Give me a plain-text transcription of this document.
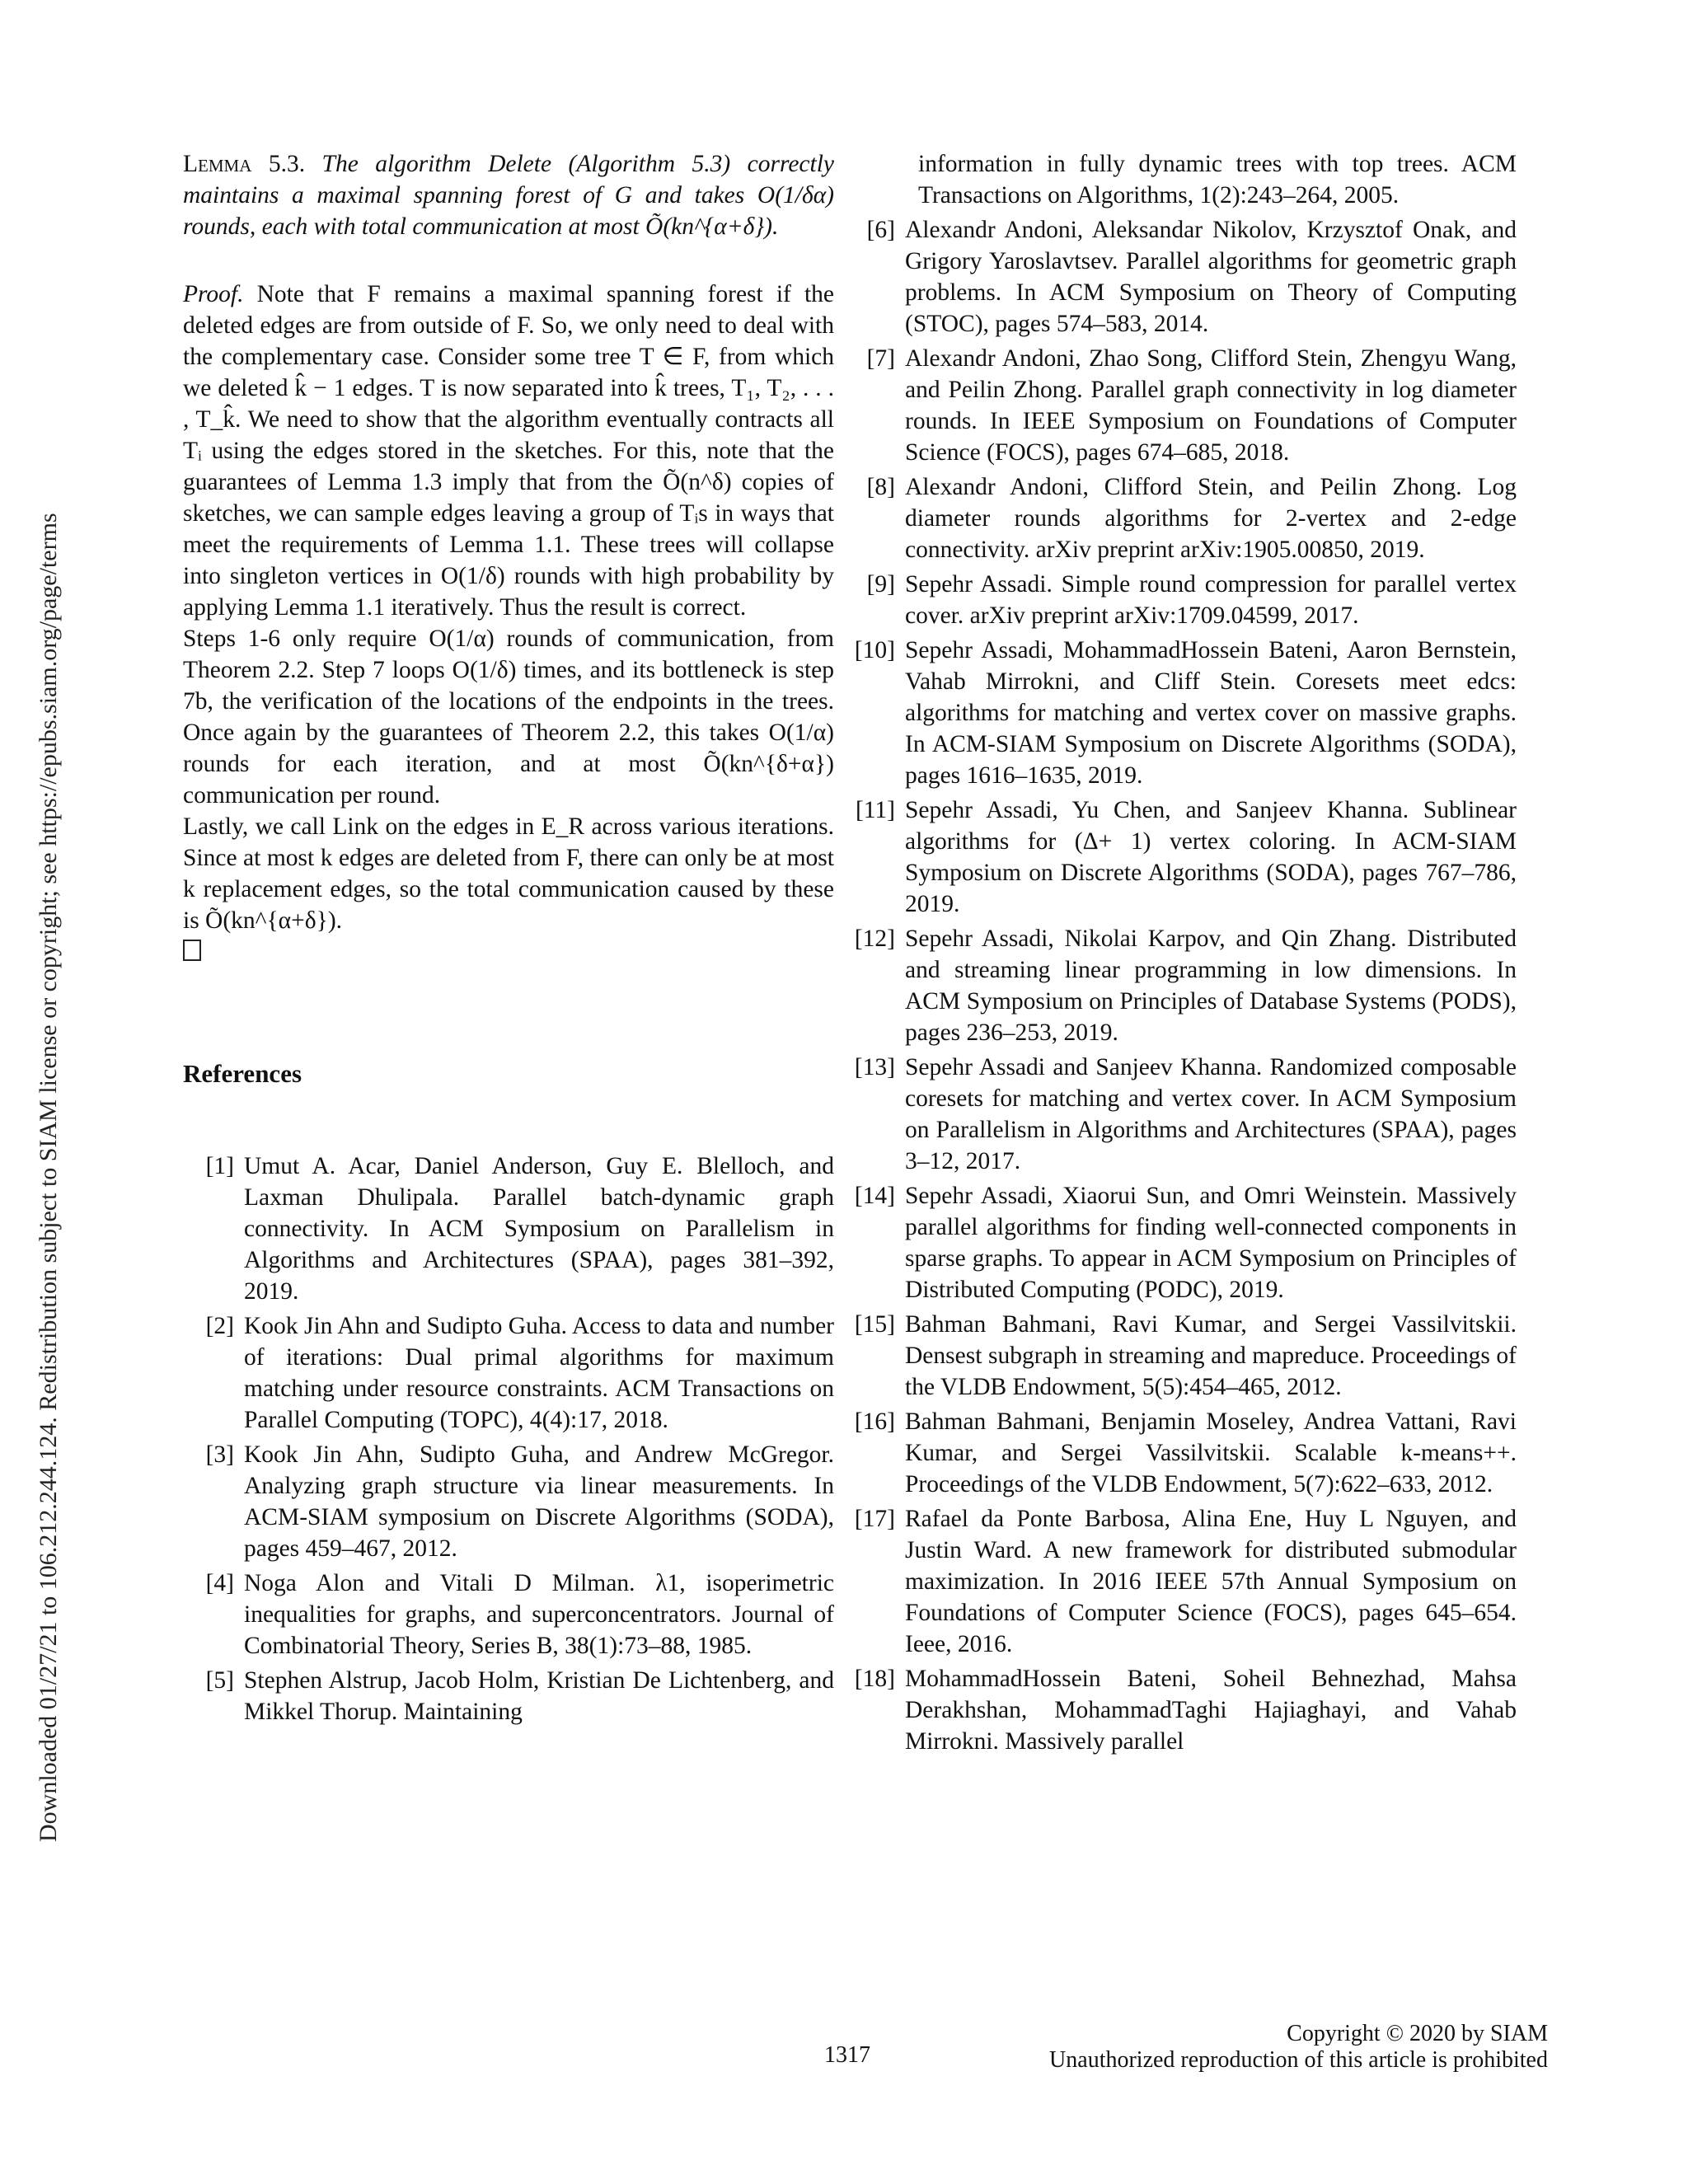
Downloaded 01/27/21 to 106.212.244.124. Redistribution subject to SIAM license or copyright; see https://epubs.siam.org/page/terms

Lemma 5.3. The algorithm Delete (Algorithm 5.3) correctly maintains a maximal spanning forest of G and takes O(1/δα) rounds, each with total communication at most Õ(kn^{α+δ}).

Proof. Note that F remains a maximal spanning forest if the deleted edges are from outside of F. So, we only need to deal with the complementary case. Consider some tree T ∈ F, from which we deleted k̂ − 1 edges. T is now separated into k̂ trees, T₁, T₂, . . . , T_k̂. We need to show that the algorithm eventually contracts all Tᵢ using the edges stored in the sketches. For this, note that the guarantees of Lemma 1.3 imply that from the Õ(n^δ) copies of sketches, we can sample edges leaving a group of Tᵢs in ways that meet the requirements of Lemma 1.1. These trees will collapse into singleton vertices in O(1/δ) rounds with high probability by applying Lemma 1.1 iteratively. Thus the result is correct.

Steps 1-6 only require O(1/α) rounds of communication, from Theorem 2.2. Step 7 loops O(1/δ) times, and its bottleneck is step 7b, the verification of the locations of the endpoints in the trees. Once again by the guarantees of Theorem 2.2, this takes O(1/α) rounds for each iteration, and at most Õ(kn^{δ+α}) communication per round.

Lastly, we call Link on the edges in E_R across various iterations. Since at most k edges are deleted from F, there can only be at most k replacement edges, so the total communication caused by these is Õ(kn^{α+δ}).

References
[1] Umut A. Acar, Daniel Anderson, Guy E. Blelloch, and Laxman Dhulipala. Parallel batch-dynamic graph connectivity. In ACM Symposium on Parallelism in Algorithms and Architectures (SPAA), pages 381–392, 2019.
[2] Kook Jin Ahn and Sudipto Guha. Access to data and number of iterations: Dual primal algorithms for maximum matching under resource constraints. ACM Transactions on Parallel Computing (TOPC), 4(4):17, 2018.
[3] Kook Jin Ahn, Sudipto Guha, and Andrew McGregor. Analyzing graph structure via linear measurements. In ACM-SIAM symposium on Discrete Algorithms (SODA), pages 459–467, 2012.
[4] Noga Alon and Vitali D Milman. λ1, isoperimetric inequalities for graphs, and superconcentrators. Journal of Combinatorial Theory, Series B, 38(1):73–88, 1985.
[5] Stephen Alstrup, Jacob Holm, Kristian De Lichtenberg, and Mikkel Thorup. Maintaining
information in fully dynamic trees with top trees. ACM Transactions on Algorithms, 1(2):243–264, 2005.
[6] Alexandr Andoni, Aleksandar Nikolov, Krzysztof Onak, and Grigory Yaroslavtsev. Parallel algorithms for geometric graph problems. In ACM Symposium on Theory of Computing (STOC), pages 574–583, 2014.
[7] Alexandr Andoni, Zhao Song, Clifford Stein, Zhengyu Wang, and Peilin Zhong. Parallel graph connectivity in log diameter rounds. In IEEE Symposium on Foundations of Computer Science (FOCS), pages 674–685, 2018.
[8] Alexandr Andoni, Clifford Stein, and Peilin Zhong. Log diameter rounds algorithms for 2-vertex and 2-edge connectivity. arXiv preprint arXiv:1905.00850, 2019.
[9] Sepehr Assadi. Simple round compression for parallel vertex cover. arXiv preprint arXiv:1709.04599, 2017.
[10] Sepehr Assadi, MohammadHossein Bateni, Aaron Bernstein, Vahab Mirrokni, and Cliff Stein. Coresets meet edcs: algorithms for matching and vertex cover on massive graphs. In ACM-SIAM Symposium on Discrete Algorithms (SODA), pages 1616–1635, 2019.
[11] Sepehr Assadi, Yu Chen, and Sanjeev Khanna. Sublinear algorithms for (Δ+ 1) vertex coloring. In ACM-SIAM Symposium on Discrete Algorithms (SODA), pages 767–786, 2019.
[12] Sepehr Assadi, Nikolai Karpov, and Qin Zhang. Distributed and streaming linear programming in low dimensions. In ACM Symposium on Principles of Database Systems (PODS), pages 236–253, 2019.
[13] Sepehr Assadi and Sanjeev Khanna. Randomized composable coresets for matching and vertex cover. In ACM Symposium on Parallelism in Algorithms and Architectures (SPAA), pages 3–12, 2017.
[14] Sepehr Assadi, Xiaorui Sun, and Omri Weinstein. Massively parallel algorithms for finding well-connected components in sparse graphs. To appear in ACM Symposium on Principles of Distributed Computing (PODC), 2019.
[15] Bahman Bahmani, Ravi Kumar, and Sergei Vassilvitskii. Densest subgraph in streaming and mapreduce. Proceedings of the VLDB Endowment, 5(5):454–465, 2012.
[16] Bahman Bahmani, Benjamin Moseley, Andrea Vattani, Ravi Kumar, and Sergei Vassilvitskii. Scalable k-means++. Proceedings of the VLDB Endowment, 5(7):622–633, 2012.
[17] Rafael da Ponte Barbosa, Alina Ene, Huy L Nguyen, and Justin Ward. A new framework for distributed submodular maximization. In 2016 IEEE 57th Annual Symposium on Foundations of Computer Science (FOCS), pages 645–654. Ieee, 2016.
[18] MohammadHossein Bateni, Soheil Behnezhad, Mahsa Derakhshan, MohammadTaghi Hajiaghayi, and Vahab Mirrokni. Massively parallel
1317
Copyright © 2020 by SIAM
Unauthorized reproduction of this article is prohibited
